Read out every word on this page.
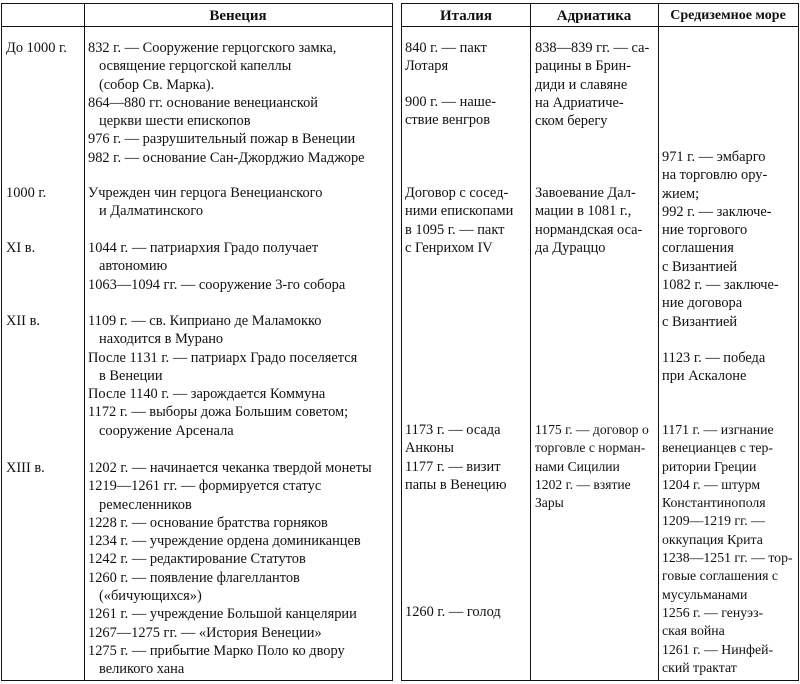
Венеция
До 1000 г.
1000 г.
XI в.
XII в.
XIII в.
832 г. — Сооружение герцогского замка,
освящение герцогской капеллы
(собор Св. Марка).
864—880 гг. основание венецианской
церкви шести епископов
976 г. — разрушительный пожар в Венеции
982 г. — основание Сан-Джорджио Маджоре
Учрежден чин герцога Венецианского
и Далматинского
1044 г. — патриархия Градо получает
автономию
1063—1094 гг. — сооружение 3-го собора
1109 г. — св. Киприано де Маламокко
находится в Мурано
После 1131 г. — патриарх Градо поселяется
в Венеции
После 1140 г. — зарождается Коммуна
1172 г. — выборы дожа Большим советом;
сооружение Арсенала
1202 г. — начинается чеканка твердой монеты
1219—1261 гг. — формируется статус
ремесленников
1228 г. — основание братства горняков
1234 г. — учреждение ордена доминиканцев
1242 г. — редактирование Статутов
1260 г. — появление флагеллантов
(«бичующихся»)
1261 г. — учреждение Большой канцелярии
1267—1275 гг. — «История Венеции»
1275 г. — прибытие Марко Поло ко двору
великого хана
Италия	Адриатика	Средиземное море
840 г. — пакт
Лотаря
900 г. — наше-
ствие венгров
Договор с сосед-
ними епископами
в 1095 г. — пакт
с Генрихом IV
1173 г. — осада
Анконы
1177 г. — визит
папы в Венецию
1260 г. — голод
838—839 гг. — са-
рацины в Брин-
диди и славяне
на Адриатиче-
ском берегу
Завоевание Дал-
мации в 1081 г.,
нормандская оса-
да Дураццо
1175 г. — договор о
торговле с норман-
нами Сицилии
1202 г. — взятие
Зары
971 г. — эмбарго
на торговлю ору-
жием;
992 г. — заключе-
ние торгового
соглашения
с Византией
1082 г. — заключе-
ние договора
с Византией
1123 г. — победа
при Аскалоне
1171 г. — изгнание
венецианцев с тер-
ритории Греции
1204 г. — штурм
Константинополя
1209—1219 гг. —
оккупация Крита
1238—1251 гг. — тор-
говые соглашения с
мусульманами
1256 г. — генуэз-
ская война
1261 г. — Нинфей-
ский трактат
